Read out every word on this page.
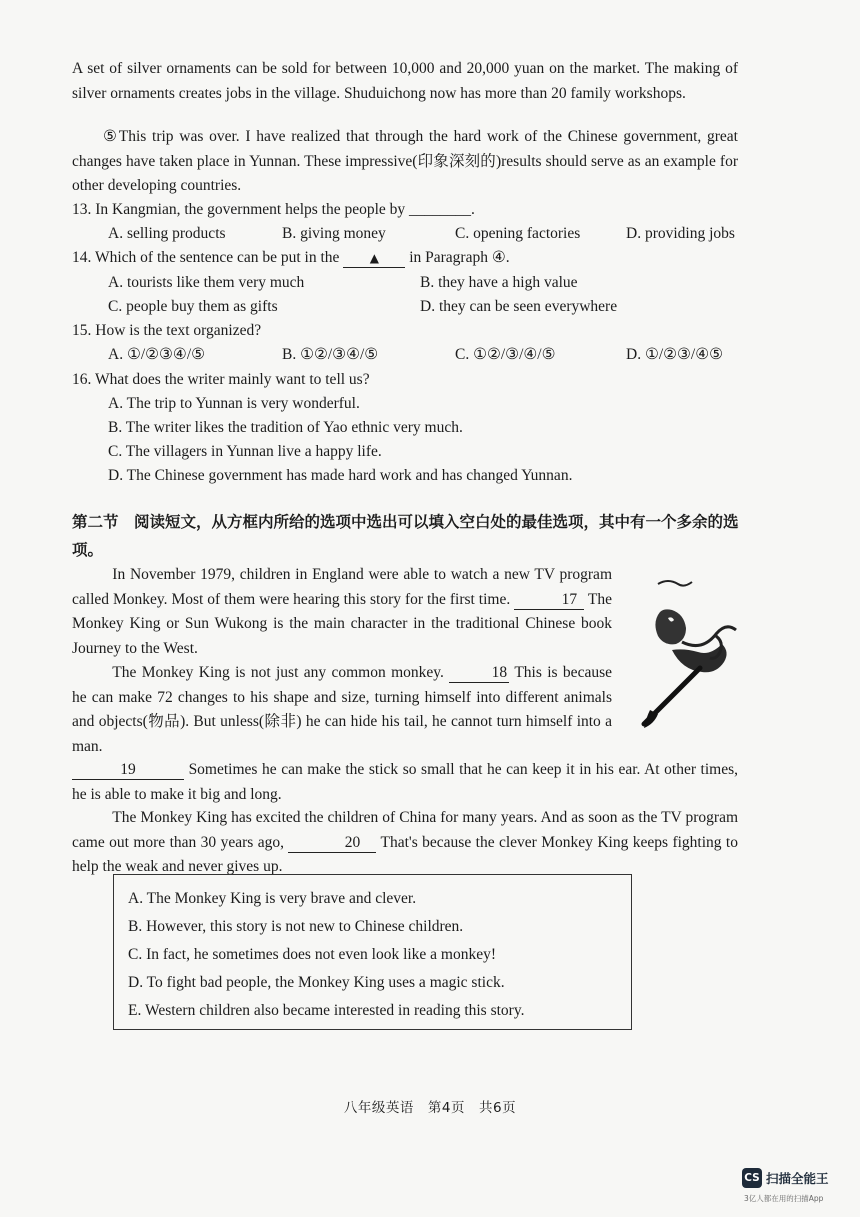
A set of silver ornaments can be sold for between 10,000 and 20,000 yuan on the market. The making of silver ornaments creates jobs in the village. Shuduichong now has more than 20 family workshops.

⑤This trip was over. I have realized that through the hard work of the Chinese government, great changes have taken place in Yunnan. These impressive(印象深刻的)results should serve as an example for other developing countries.

13. In Kangmian, the government helps the people by ________.

A. selling products	B. giving money	C. opening factories	D. providing jobs

14. Which of the sentence can be put in the	▲ in Paragraph ④.

A. tourists like them very much	B. they have a high value

C. people buy them as gifts	D. they can be seen everywhere

15. How is the text organized?

A. ①/②③④/⑤	B. ①②/③④/⑤	C. ①②/③/④/⑤	D. ①/②③/④⑤

16. What does the writer mainly want to tell us?

A. The trip to Yunnan is very wonderful.

B. The writer likes the tradition of Yao ethnic very much.

C. The villagers in Yunnan live a happy life.

D. The Chinese government has made hard work and has changed Yunnan.

第二节　阅读短文，从方框内所给的选项中选出可以填入空白处的最佳选项，其中有一个多余的选项。

In November 1979, children in England were able to watch a new TV program called Monkey. Most of them were hearing this story for the first time.	17 The Monkey King or Sun Wukong is the main character in the traditional Chinese book Journey to the West.

The Monkey King is not just any common monkey.	18 This is because he can make 72 changes to his shape and size, turning himself into different animals and objects(物品). But unless(除非) he can hide his tail, he cannot turn himself into a man.

19	Sometimes he can make the stick so small that he can keep it in his ear. At other times, he is able to make it big and long.

The Monkey King has excited the children of China for many years. And as soon as the TV program came out more than 30 years ago,	20 That's because the clever Monkey King keeps fighting to help the weak and never gives up.

A. The Monkey King is very brave and clever.
B. However, this story is not new to Chinese children.
C. In fact, he sometimes does not even look like a monkey!
D. To fight bad people, the Monkey King uses a magic stick.
E. Western children also became interested in reading this story.
八年级英语　第4页　共6页
CS 扫描全能王
3亿人都在用的扫描App
